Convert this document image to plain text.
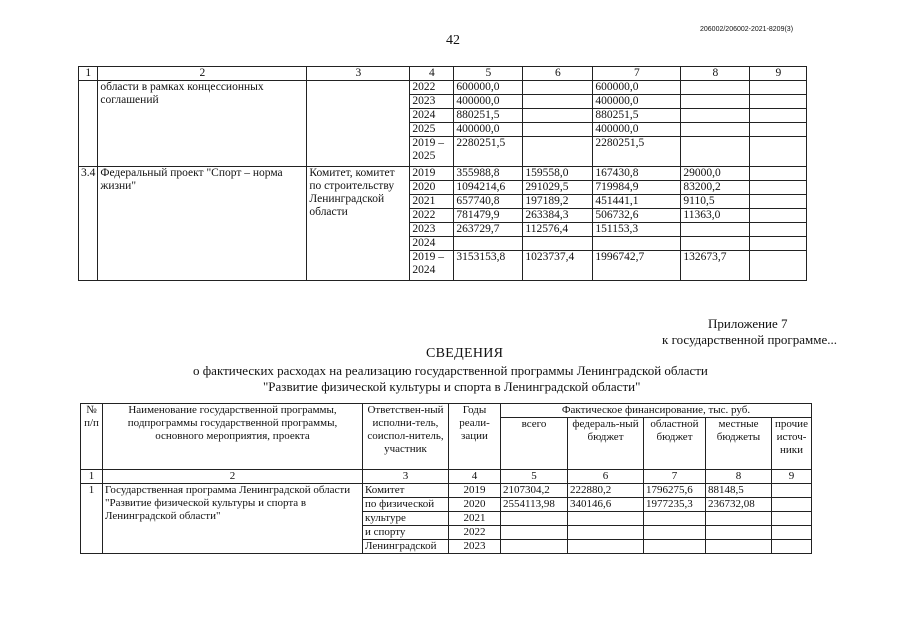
206002/206002-2021-8209(3)
42
1	2	3	4	5	6	7	8	9
	области в рамках концессионных соглашений		2022	600000,0		600000,0		
			2023	400000,0		400000,0		
			2024	880251,5		880251,5		
			2025	400000,0		400000,0		
			2019 – 2025	2280251,5		2280251,5		
3.4	Федеральный проект "Спорт – норма жизни"	Комитет, комитет по строительству Ленинградской области	2019	355988,8	159558,0	167430,8	29000,0	
			2020	1094214,6	291029,5	719984,9	83200,2	
			2021	657740,8	197189,2	451441,1	9110,5	
			2022	781479,9	263384,3	506732,6	11363,0	
			2023	263729,7	112576,4	151153,3		
			2024					
			2019 – 2024	3153153,8	1023737,4	1996742,7	132673,7	
Приложение 7
к государственной программе...
СВЕДЕНИЯ
о фактических расходах на реализацию государственной программы Ленинградской области
"Развитие физической культуры и спорта в Ленинградской области"
№ п/п	Наименование государственной программы, подпрограммы государственной программы, основного мероприятия, проекта	Ответствен-ный исполни-тель, соиспол-нитель, участник	Годы реали-зации	Фактическое финансирование, тыс. руб.				
				всего	федераль-ный бюджет	областной бюджет	местные бюджеты	прочие источ-ники
1	2	3	4	5	6	7	8	9
1	Государственная программа Ленинградской области "Развитие физической культуры и спорта в Ленинградской области"	Комитет	2019	2107304,2	222880,2	1796275,6	88148,5	
		по физической	2020	2554113,98	340146,6	1977235,3	236732,08	
		культуре	2021					
		и спорту	2022					
		Ленинградской	2023					
